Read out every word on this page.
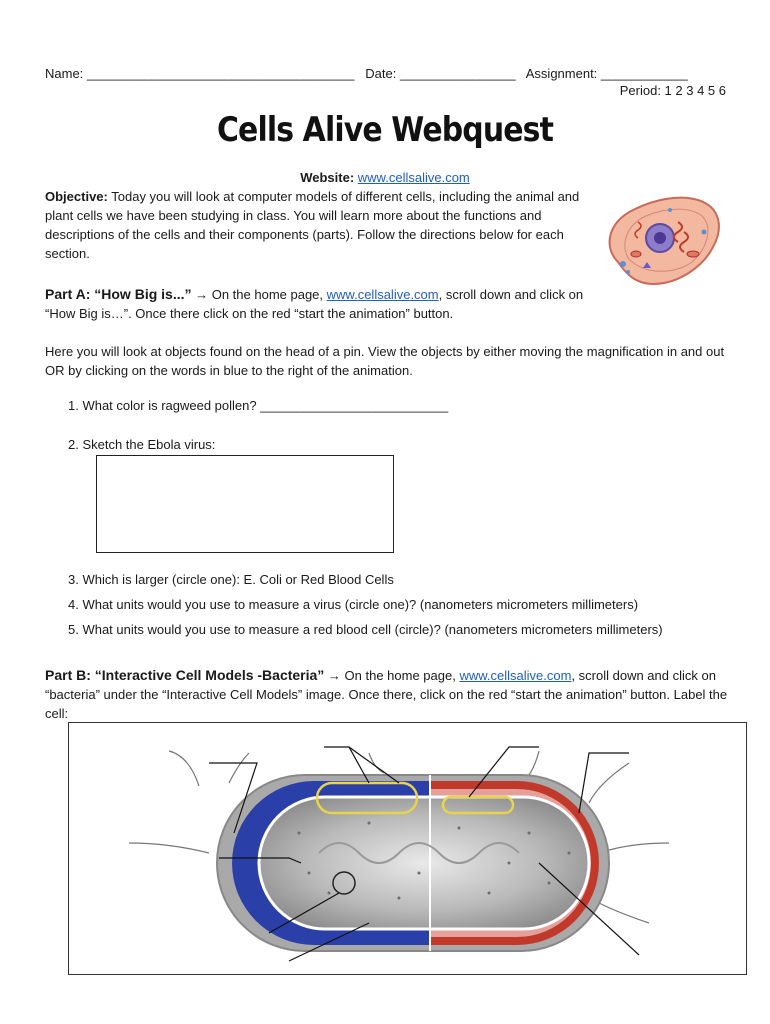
Name: _____________________________________ Date: ________________ Assignment: ____________
Period: 1 2 3 4 5 6
Cells Alive Webquest
Website: www.cellsalive.com
Objective: Today you will look at computer models of different cells, including the animal and plant cells we have been studying in class. You will learn more about the functions and descriptions of the cells and their components (parts). Follow the directions below for each section.
Part A: “How Big is...” → On the home page, www.cellsalive.com, scroll down and click on “How Big is…”. Once there click on the red “start the animation” button.
Here you will look at objects found on the head of a pin. View the objects by either moving the magnification in and out OR by clicking on the words in blue to the right of the animation.
1. What color is ragweed pollen? __________________________
2. Sketch the Ebola virus:
3. Which is larger (circle one): E. Coli or Red Blood Cells
4. What units would you use to measure a virus (circle one)? (nanometers micrometers millimeters)
5. What units would you use to measure a red blood cell (circle)? (nanometers micrometers millimeters)
Part B: “Interactive Cell Models -Bacteria” → On the home page, www.cellsalive.com, scroll down and click on “bacteria” under the “Interactive Cell Models” image. Once there, click on the red “start the animation” button. Label the cell:
